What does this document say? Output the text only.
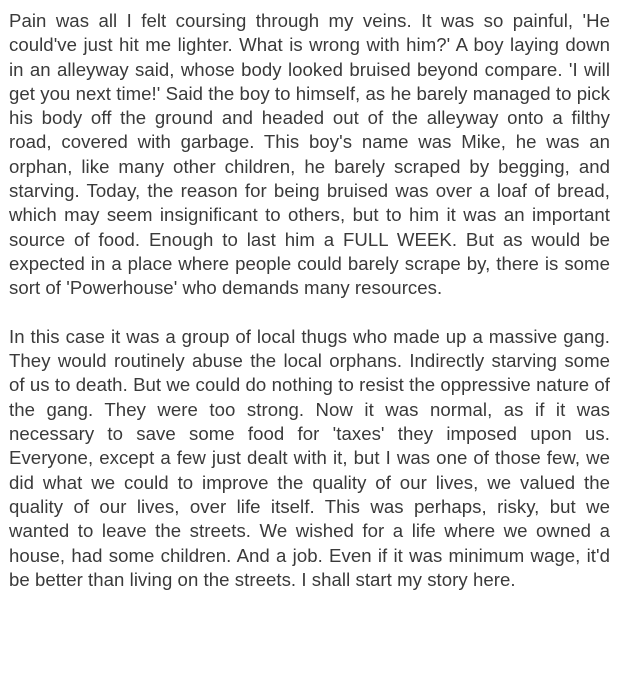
Pain was all I felt coursing through my veins. It was so painful, 'He could've just hit me lighter. What is wrong with him?' A boy laying down in an alleyway said, whose body looked bruised beyond compare. 'I will get you next time!' Said the boy to himself, as he barely managed to pick his body off the ground and headed out of the alleyway onto a filthy road, covered with garbage. This boy's name was Mike, he was an orphan, like many other children, he barely scraped by begging, and starving. Today, the reason for being bruised was over a loaf of bread, which may seem insignificant to others, but to him it was an important source of food. Enough to last him a FULL WEEK. But as would be expected in a place where people could barely scrape by, there is some sort of 'Powerhouse' who demands many resources.

In this case it was a group of local thugs who made up a massive gang. They would routinely abuse the local orphans. Indirectly starving some of us to death. But we could do nothing to resist the oppressive nature of the gang. They were too strong. Now it was normal, as if it was necessary to save some food for 'taxes' they imposed upon us. Everyone, except a few just dealt with it, but I was one of those few, we did what we could to improve the quality of our lives, we valued the quality of our lives, over life itself. This was perhaps, risky, but we wanted to leave the streets. We wished for a life where we owned a house, had some children. And a job. Even if it was minimum wage, it'd be better than living on the streets. I shall start my story here.
